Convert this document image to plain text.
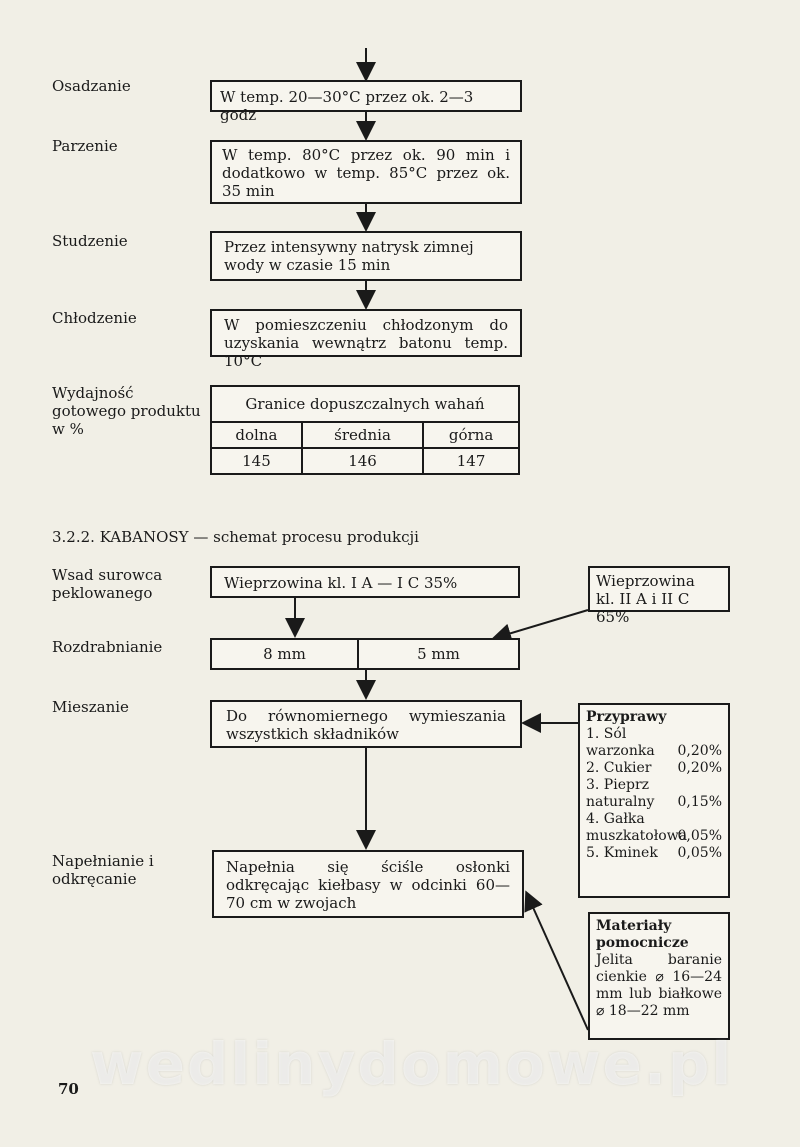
Osadzanie
W temp. 20—30°C przez ok. 2—3 godz
Parzenie	W temp. 80°C przez ok. 90 min i dodatkowo w temp. 85°C przez ok. 35 min
Studzenie	Przez intensywny natrysk zimnej wody w czasie 15 min
Chłodzenie	W pomieszczeniu chłodzonym do uzyskania wewnątrz batonu temp. 10°C
Wydajność gotowego produktu w %
Granice dopuszczalnych wahań		
dolna	średnia	górna
145	146	147
3.2.2. KABANOSY — schemat procesu produkcji
Wsad surowca peklowanego
Wieprzowina kl. I A — I C 35%	Wieprzowina
kl. II A i II C 65%
Rozdrabnianie	8 mm	5 mm
Mieszanie	Do równomiernego wymieszania wszystkich składników
Przyprawy
1. Sól warzonka	0,20%
2. Cukier 0,20%
3. Pieprz naturalny	0,15%
4. Gałka muszkatołowa
0,05%
5. Kminek 0,05%
Napełnianie i odkręcanie
Napełnia się ściśle osłonki odkręcając kiełbasy w odcinki 60—70 cm w zwojach
Materiały pomocnicze
Jelita baranie cienkie ⌀ 16—24 mm lub białkowe ⌀ 18—22 mm
70 wedlinydomowe.pl
